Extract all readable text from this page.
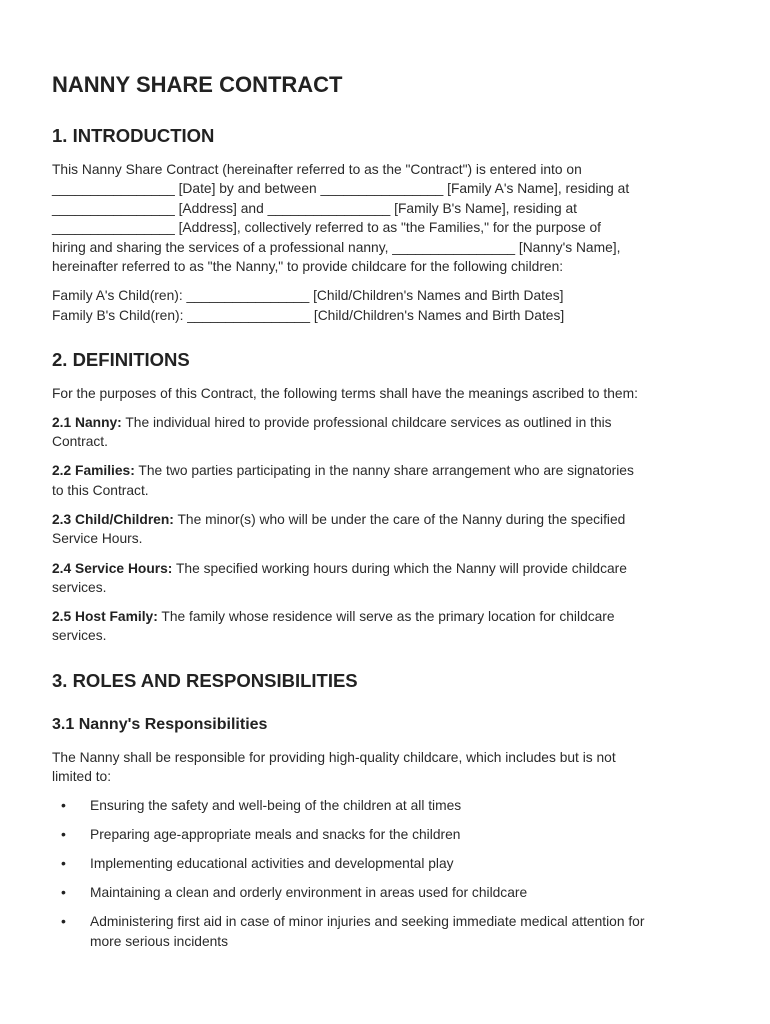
NANNY SHARE CONTRACT
1. INTRODUCTION
This Nanny Share Contract (hereinafter referred to as the "Contract") is entered into on
________________ [Date] by and between ________________ [Family A's Name], residing at
________________ [Address] and ________________ [Family B's Name], residing at
________________ [Address], collectively referred to as "the Families," for the purpose of
hiring and sharing the services of a professional nanny, ________________ [Nanny's Name],
hereinafter referred to as "the Nanny," to provide childcare for the following children:
Family A's Child(ren): ________________ [Child/Children's Names and Birth Dates]
Family B's Child(ren): ________________ [Child/Children's Names and Birth Dates]
2. DEFINITIONS
For the purposes of this Contract, the following terms shall have the meanings ascribed to them:
2.1 Nanny: The individual hired to provide professional childcare services as outlined in this
Contract.
2.2 Families: The two parties participating in the nanny share arrangement who are signatories
to this Contract.
2.3 Child/Children: The minor(s) who will be under the care of the Nanny during the specified
Service Hours.
2.4 Service Hours: The specified working hours during which the Nanny will provide childcare
services.
2.5 Host Family: The family whose residence will serve as the primary location for childcare
services.
3. ROLES AND RESPONSIBILITIES
3.1 Nanny's Responsibilities
The Nanny shall be responsible for providing high-quality childcare, which includes but is not
limited to:
• Ensuring the safety and well-being of the children at all times
• Preparing age-appropriate meals and snacks for the children
• Implementing educational activities and developmental play
• Maintaining a clean and orderly environment in areas used for childcare
• Administering first aid in case of minor injuries and seeking immediate medical attention for
more serious incidents
